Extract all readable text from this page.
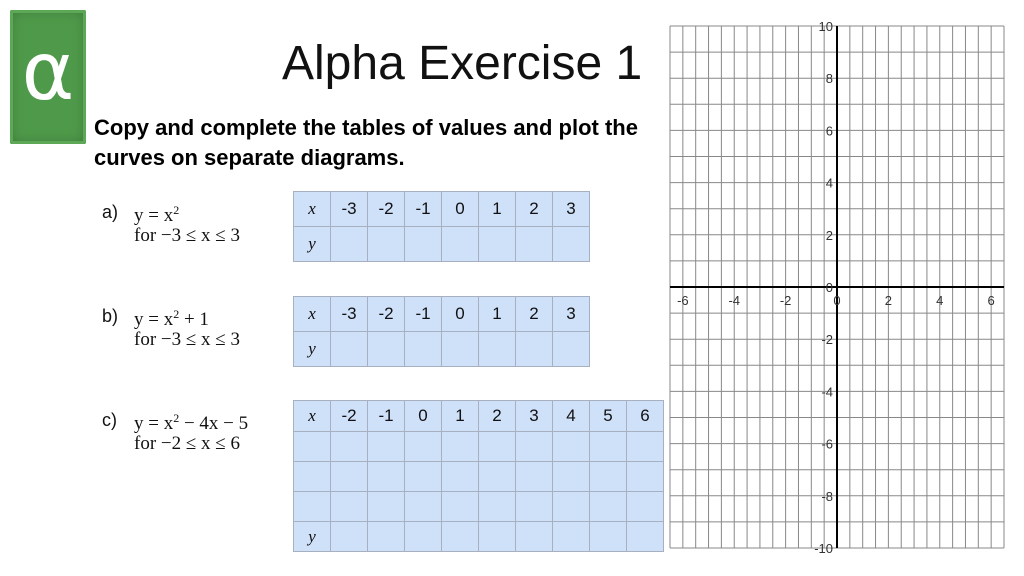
α	Alpha Exercise 1
Copy and complete the tables of values and plot the curves on separate diagrams.
a) $y = x^2$
for −3 ≤ x ≤ 3
x	-3	-2	-1	0	1	2	3
y							
b) $y = x^2 + 1$
for −3 ≤ x ≤ 3
x	-3	-2	-1	0	1	2	3
y							
c) $y = x^2 - 4x - 5$
for −2 ≤ x ≤ 6
x	-2	-1	0	1	2	3	4	5	6

y									
-6	-4	-2	0	2	4	6
10
8
6
4
2
0
-2
-4
-6
-8
-10
